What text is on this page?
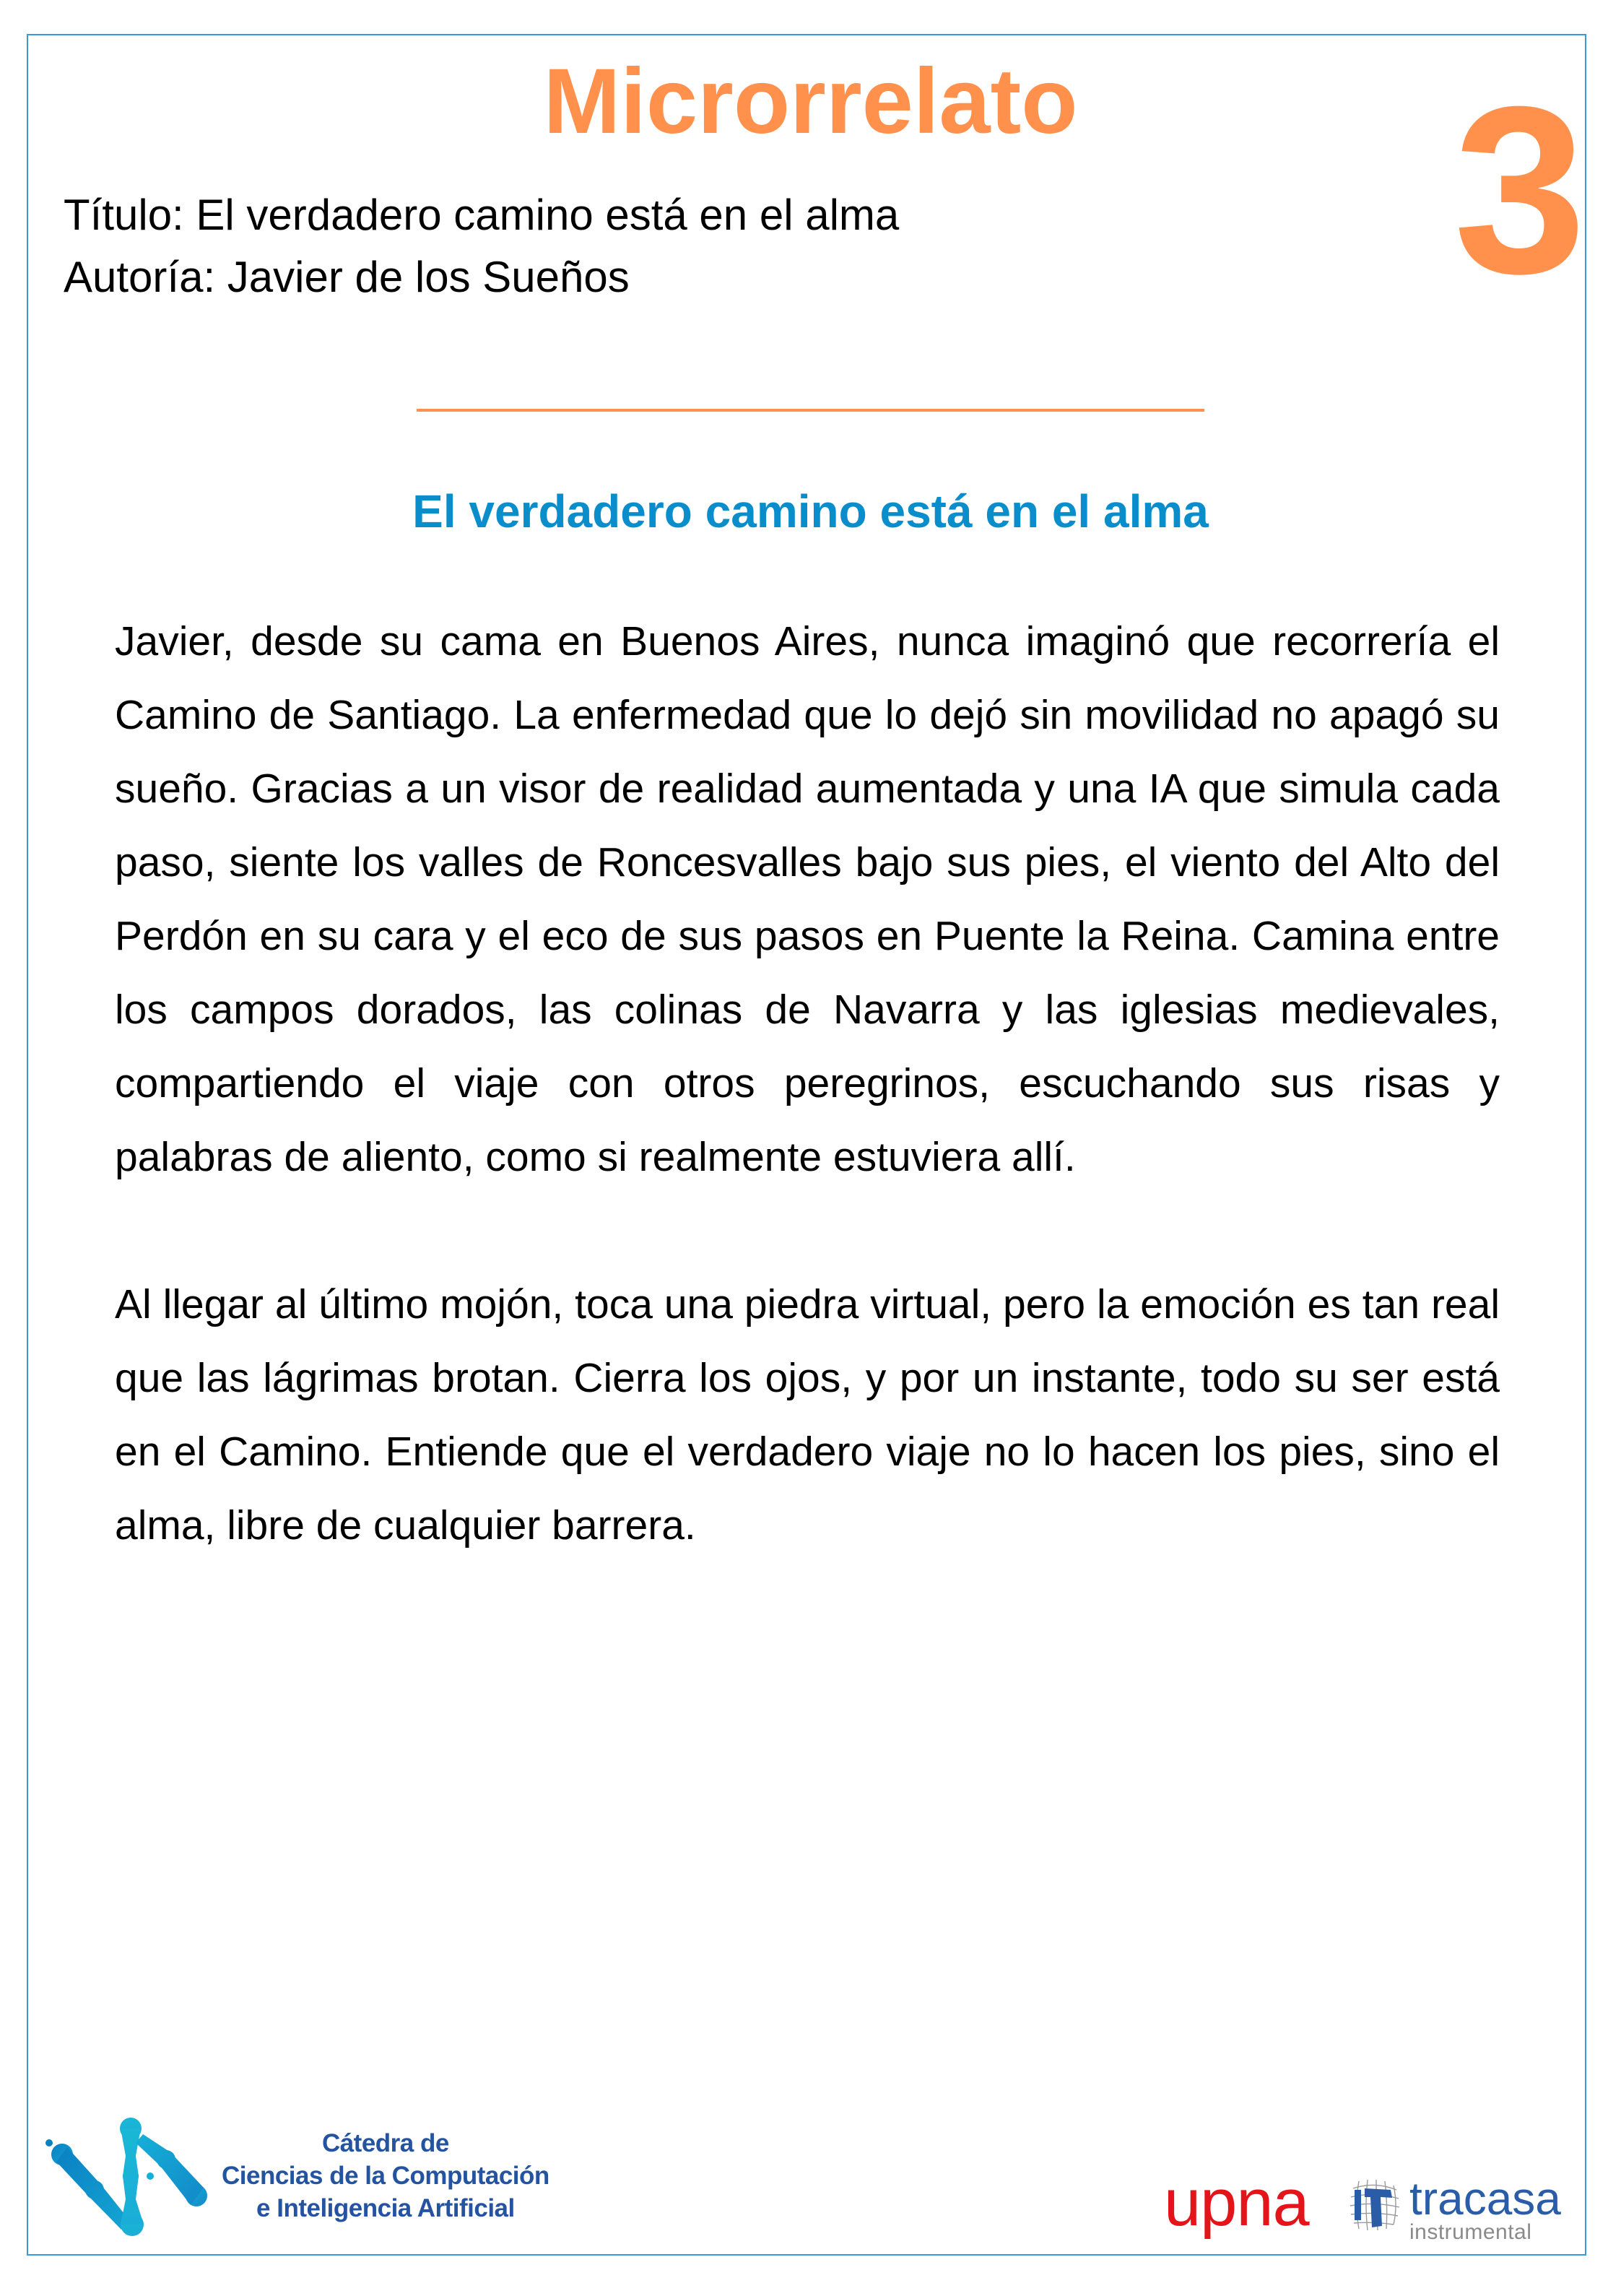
Microrrelato	3
Título: El verdadero camino está en el alma
Autoría: Javier de los Sueños
El verdadero camino está en el alma

Javier, desde su cama en Buenos Aires, nunca imaginó que recorrería el Camino de Santiago. La enfermedad que lo dejó sin movilidad no apagó su sueño. Gracias a un visor de realidad aumentada y una IA que simula cada paso, siente los valles de Roncesvalles bajo sus pies, el viento del Alto del Perdón en su cara y el eco de sus pasos en Puente la Reina. Camina entre los campos dorados, las colinas de Navarra y las iglesias medievales, compartiendo el viaje con otros peregrinos, escuchando sus risas y palabras de aliento, como si realmente estuviera allí.

Al llegar al último mojón, toca una piedra virtual, pero la emoción es tan real que las lágrimas brotan. Cierra los ojos, y por un instante, todo su ser está en el Camino. Entiende que el verdadero viaje no lo hacen los pies, sino el alma, libre de cualquier barrera.

Cátedra de
Ciencias de la Computación
e Inteligencia Artificial	upna tracasa
instrumental
